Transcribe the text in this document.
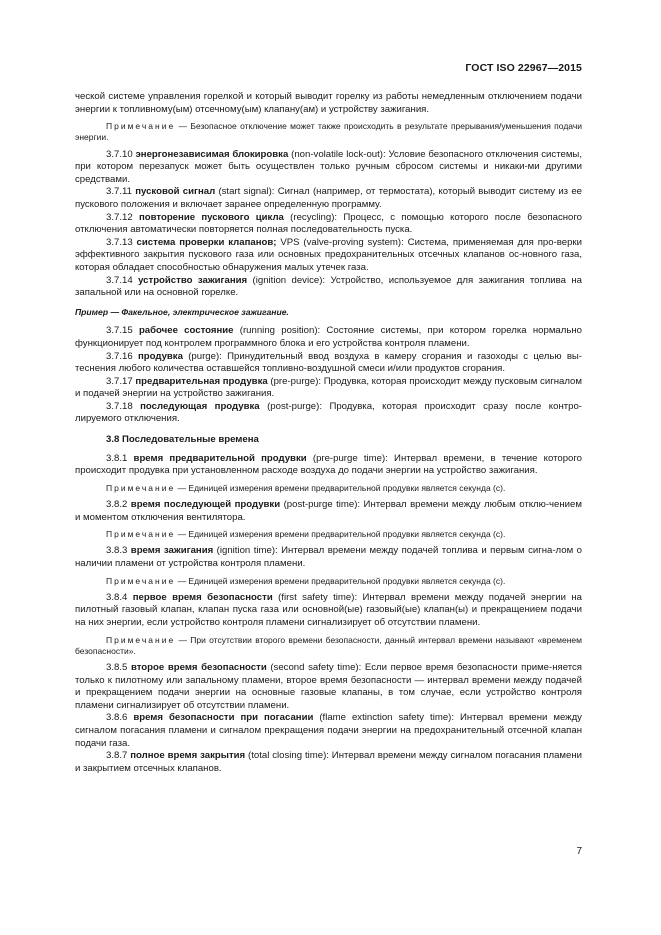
ГОСТ ISO 22967—2015

ческой системе управления горелкой и который выводит горелку из работы немедленным отключением подачи энергии к топливному(ым) отсечному(ым) клапану(ам) и устройству зажигания.

Примечание — Безопасное отключение может также происходить в результате прерывания/уменьшения подачи энергии.

3.7.10 энергонезависимая блокировка (non-volatile lock-out): Условие безопасного отключения системы, при котором перезапуск может быть осуществлен только ручным сбросом системы и никаки-ми другими средствами.

3.7.11 пусковой сигнал (start signal): Сигнал (например, от термостата), который выводит систему из ее пускового положения и включает заранее определенную программу.

3.7.12 повторение пускового цикла (recycling): Процесс, с помощью которого после безопасного отключения автоматически повторяется полная последовательность пуска.

3.7.13 система проверки клапанов; VPS (valve-proving system): Система, применяемая для про-верки эффективного закрытия пускового газа или основных предохранительных отсечных клапанов ос-новного газа, которая обладает способностью обнаружения малых утечек газа.

3.7.14 устройство зажигания (ignition device): Устройство, используемое для зажигания топлива на запальной или на основной горелке.

Пример — Факельное, электрическое зажигание.

3.7.15 рабочее состояние (running position): Состояние системы, при котором горелка нормально функционирует под контролем программного блока и его устройства контроля пламени.

3.7.16 продувка (purge): Принудительный ввод воздуха в камеру сгорания и газоходы с целью вы-теснения любого количества оставшейся топливно-воздушной смеси и/или продуктов сгорания.

3.7.17 предварительная продувка (pre-purge): Продувка, которая происходит между пусковым сигналом и подачей энергии на устройство зажигания.

3.7.18 последующая продувка (post-purge): Продувка, которая происходит сразу после контро-лируемого отключения.

3.8 Последовательные времена

3.8.1 время предварительной продувки (pre-purge time): Интервал времени, в течение которого происходит продувка при установленном расходе воздуха до подачи энергии на устройство зажигания.

Примечание — Единицей измерения времени предварительной продувки является секунда (с).

3.8.2 время последующей продувки (post-purge time): Интервал времени между любым отклю-чением и моментом отключения вентилятора.

Примечание — Единицей измерения времени предварительной продувки является секунда (с).

3.8.3 время зажигания (ignition time): Интервал времени между подачей топлива и первым сигна-лом о наличии пламени от устройства контроля пламени.

Примечание — Единицей измерения времени предварительной продувки является секунда (с).

3.8.4 первое время безопасности (first safety time): Интервал времени между подачей энергии на пилотный газовый клапан, клапан пуска газа или основной(ые) газовый(ые) клапан(ы) и прекращением подачи на них энергии, если устройство контроля пламени сигнализирует об отсутствии пламени.

Примечание — При отсутствии второго времени безопасности, данный интервал времени называют «временем безопасности».

3.8.5 второе время безопасности (second safety time): Если первое время безопасности приме-няется только к пилотному или запальному пламени, второе время безопасности — интервал времени между подачей и прекращением подачи энергии на основные газовые клапаны, в том случае, если устройство контроля пламени сигнализирует об отсутствии пламени.

3.8.6 время безопасности при погасании (flame extinction safety time): Интервал времени между сигналом погасания пламени и сигналом прекращения подачи энергии на предохранительный отсечной клапан подачи газа.

3.8.7 полное время закрытия (total closing time): Интервал времени между сигналом погасания пламени и закрытием отсечных клапанов.

7
